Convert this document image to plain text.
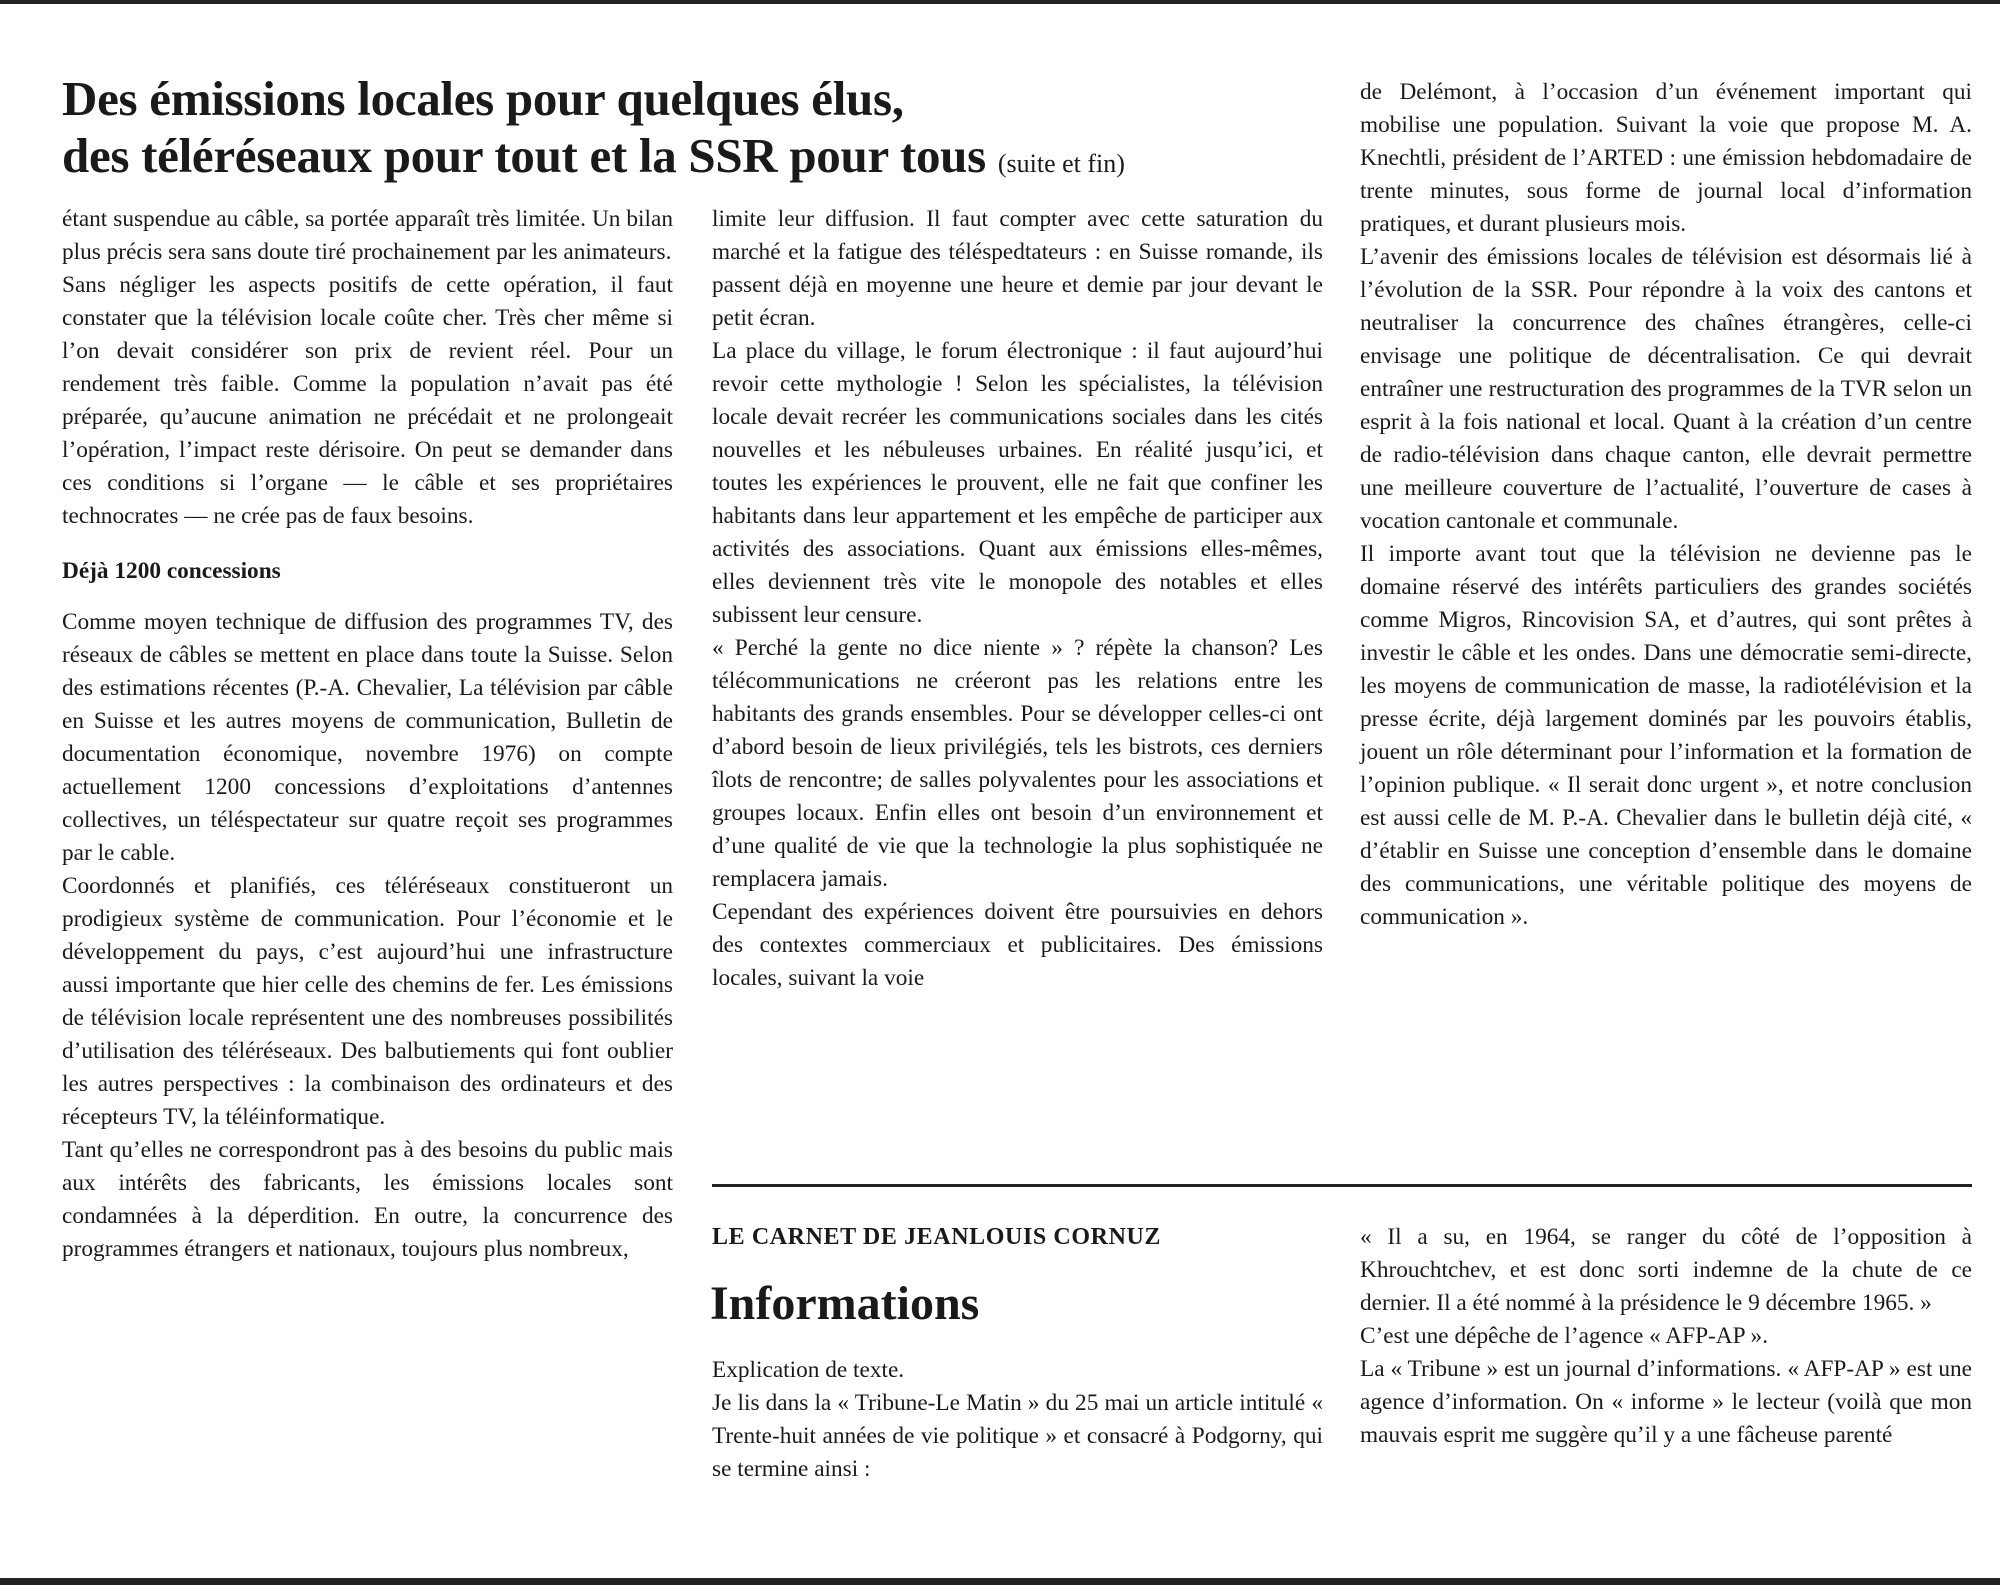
Des émissions locales pour quelques élus,
des téléréseaux pour tout et la SSR pour tous (suite et fin)

étant suspendue au câble, sa portée apparaît très limitée. Un bilan plus précis sera sans doute tiré prochainement par les animateurs.

Sans négliger les aspects positifs de cette opération, il faut constater que la télévision locale coûte cher. Très cher même si l’on devait considérer son prix de revient réel. Pour un rendement très faible. Comme la population n’avait pas été préparée, qu’aucune animation ne précédait et ne prolongeait l’opération, l’impact reste dérisoire. On peut se demander dans ces conditions si l’organe — le câble et ses propriétaires technocrates — ne crée pas de faux besoins.

Déjà 1200 concessions

Comme moyen technique de diffusion des programmes TV, des réseaux de câbles se mettent en place dans toute la Suisse. Selon des estimations récentes (P.-A. Chevalier, La télévision par câble en Suisse et les autres moyens de communication, Bulletin de documentation économique, novembre 1976) on compte actuellement 1200 concessions d’exploitations d’antennes collectives, un téléspectateur sur quatre reçoit ses programmes par le cable.

Coordonnés et planifiés, ces téléréseaux constitueront un prodigieux système de communication. Pour l’économie et le développement du pays, c’est aujourd’hui une infrastructure aussi importante que hier celle des chemins de fer. Les émissions de télévision locale représentent une des nombreuses possibilités d’utilisation des téléréseaux. Des balbutiements qui font oublier les autres perspectives : la combinaison des ordinateurs et des récepteurs TV, la téléinformatique.

Tant qu’elles ne correspondront pas à des besoins du public mais aux intérêts des fabricants, les émissions locales sont condamnées à la déperdition. En outre, la concurrence des programmes étrangers et nationaux, toujours plus nombreux,

limite leur diffusion. Il faut compter avec cette saturation du marché et la fatigue des téléspedtateurs : en Suisse romande, ils passent déjà en moyenne une heure et demie par jour devant le petit écran.

La place du village, le forum électronique : il faut aujourd’hui revoir cette mythologie ! Selon les spécialistes, la télévision locale devait recréer les communications sociales dans les cités nouvelles et les nébuleuses urbaines. En réalité jusqu’ici, et toutes les expériences le prouvent, elle ne fait que confiner les habitants dans leur appartement et les empêche de participer aux activités des associations. Quant aux émissions elles-mêmes, elles deviennent très vite le monopole des notables et elles subissent leur censure.

« Perché la gente no dice niente » ? répète la chanson? Les télécommunications ne créeront pas les relations entre les habitants des grands ensembles. Pour se développer celles-ci ont d’abord besoin de lieux privilégiés, tels les bistrots, ces derniers îlots de rencontre; de salles polyvalentes pour les associations et groupes locaux. Enfin elles ont besoin d’un environnement et d’une qualité de vie que la technologie la plus sophistiquée ne remplacera jamais.

Cependant des expériences doivent être poursuivies en dehors des contextes commerciaux et publicitaires. Des émissions locales, suivant la voie

de Delémont, à l’occasion d’un événement important qui mobilise une population. Suivant la voie que propose M. A. Knechtli, président de l’ARTED : une émission hebdomadaire de trente minutes, sous forme de journal local d’information pratiques, et durant plusieurs mois.

L’avenir des émissions locales de télévision est désormais lié à l’évolution de la SSR. Pour répondre à la voix des cantons et neutraliser la concurrence des chaînes étrangères, celle-ci envisage une politique de décentralisation. Ce qui devrait entraîner une restructuration des programmes de la TVR selon un esprit à la fois national et local. Quant à la création d’un centre de radio-télévision dans chaque canton, elle devrait permettre une meilleure couverture de l’actualité, l’ouverture de cases à vocation cantonale et communale.

Il importe avant tout que la télévision ne devienne pas le domaine réservé des intérêts particuliers des grandes sociétés comme Migros, Rincovision SA, et d’autres, qui sont prêtes à investir le câble et les ondes. Dans une démocratie semi-directe, les moyens de communication de masse, la radiotélévision et la presse écrite, déjà largement dominés par les pouvoirs établis, jouent un rôle déterminant pour l’information et la formation de l’opinion publique. « Il serait donc urgent », et notre conclusion est aussi celle de M. P.-A. Chevalier dans le bulletin déjà cité, « d’établir en Suisse une conception d’ensemble dans le domaine des communications, une véritable politique des moyens de communication ».

LE CARNET DE JEANLOUIS CORNUZ

Informations

Explication de texte.

Je lis dans la « Tribune-Le Matin » du 25 mai un article intitulé « Trente-huit années de vie politique » et consacré à Podgorny, qui se termine ainsi :

« Il a su, en 1964, se ranger du côté de l’opposition à Khrouchtchev, et est donc sorti indemne de la chute de ce dernier. Il a été nommé à la présidence le 9 décembre 1965. »

C’est une dépêche de l’agence « AFP-AP ».

La « Tribune » est un journal d’informations. « AFP-AP » est une agence d’information. On « informe » le lecteur (voilà que mon mauvais esprit me suggère qu’il y a une fâcheuse parenté
